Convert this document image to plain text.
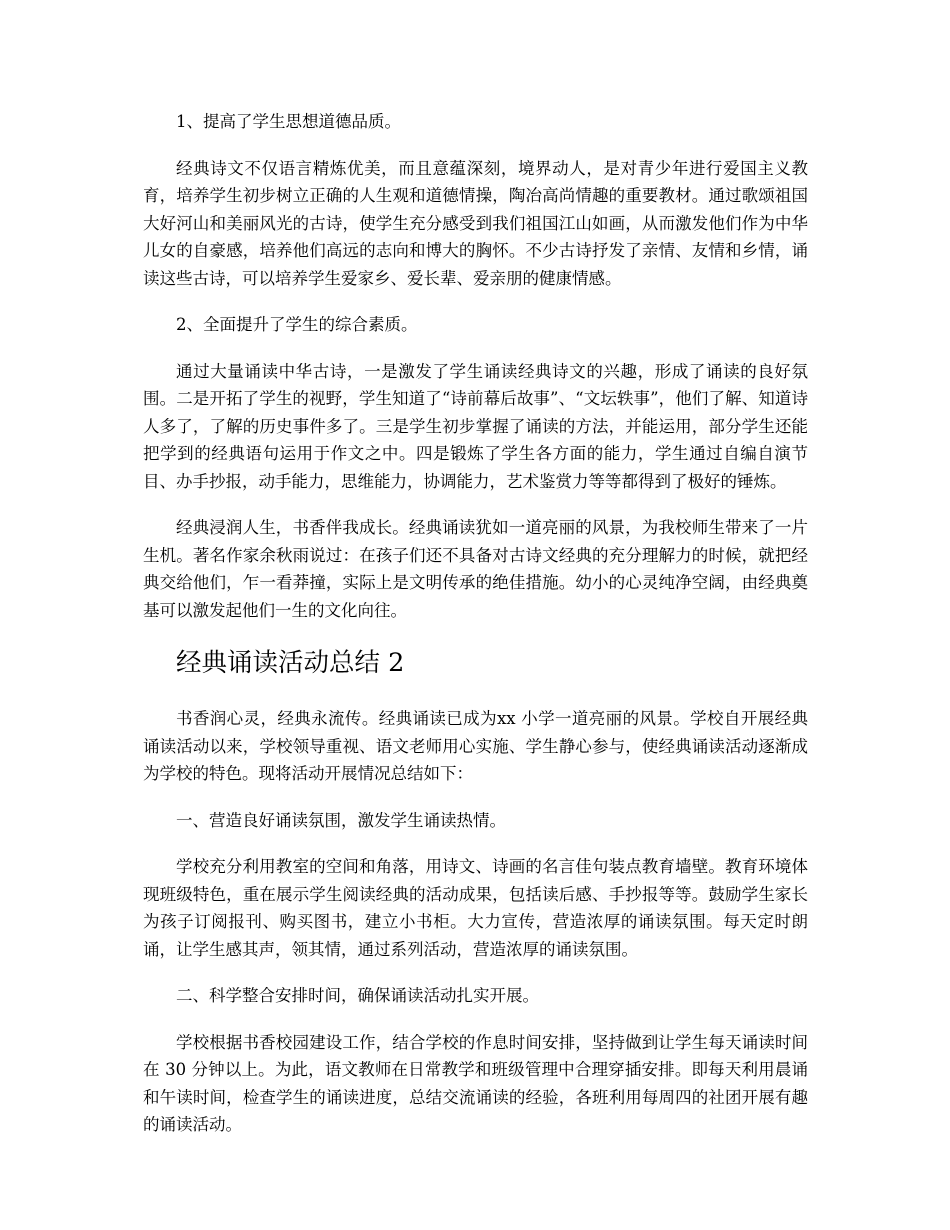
1、提高了学生思想道德品质。

经典诗文不仅语言精炼优美，而且意蕴深刻，境界动人，是对青少年进行爱国主义教育，培养学生初步树立正确的人生观和道德情操，陶冶高尚情趣的重要教材。通过歌颂祖国大好河山和美丽风光的古诗，使学生充分感受到我们祖国江山如画，从而激发他们作为中华儿女的自豪感，培养他们高远的志向和博大的胸怀。不少古诗抒发了亲情、友情和乡情，诵读这些古诗，可以培养学生爱家乡、爱长辈、爱亲朋的健康情感。

2、全面提升了学生的综合素质。

通过大量诵读中华古诗，一是激发了学生诵读经典诗文的兴趣，形成了诵读的良好氛围。二是开拓了学生的视野，学生知道了“诗前幕后故事”、“文坛轶事”，他们了解、知道诗人多了，了解的历史事件多了。三是学生初步掌握了诵读的方法，并能运用，部分学生还能把学到的经典语句运用于作文之中。四是锻炼了学生各方面的能力，学生通过自编自演节目、办手抄报，动手能力，思维能力，协调能力，艺术鉴赏力等等都得到了极好的锤炼。

经典浸润人生，书香伴我成长。经典诵读犹如一道亮丽的风景，为我校师生带来了一片生机。著名作家余秋雨说过：在孩子们还不具备对古诗文经典的充分理解力的时候，就把经典交给他们，乍一看莽撞，实际上是文明传承的绝佳措施。幼小的心灵纯净空阔，由经典奠基可以激发起他们一生的文化向往。

经典诵读活动总结 2

书香润心灵，经典永流传。经典诵读已成为xx 小学一道亮丽的风景。学校自开展经典诵读活动以来，学校领导重视、语文老师用心实施、学生静心参与，使经典诵读活动逐渐成为学校的特色。现将活动开展情况总结如下：

一、营造良好诵读氛围，激发学生诵读热情。

学校充分利用教室的空间和角落，用诗文、诗画的名言佳句装点教育墙壁。教育环境体现班级特色，重在展示学生阅读经典的活动成果，包括读后感、手抄报等等。鼓励学生家长为孩子订阅报刊、购买图书，建立小书柜。大力宣传，营造浓厚的诵读氛围。每天定时朗诵，让学生感其声，领其情，通过系列活动，营造浓厚的诵读氛围。

二、科学整合安排时间，确保诵读活动扎实开展。

学校根据书香校园建设工作，结合学校的作息时间安排，坚持做到让学生每天诵读时间在 30 分钟以上。为此，语文教师在日常教学和班级管理中合理穿插安排。即每天利用晨诵和午读时间，检查学生的诵读进度，总结交流诵读的经验，各班利用每周四的社团开展有趣的诵读活动。
